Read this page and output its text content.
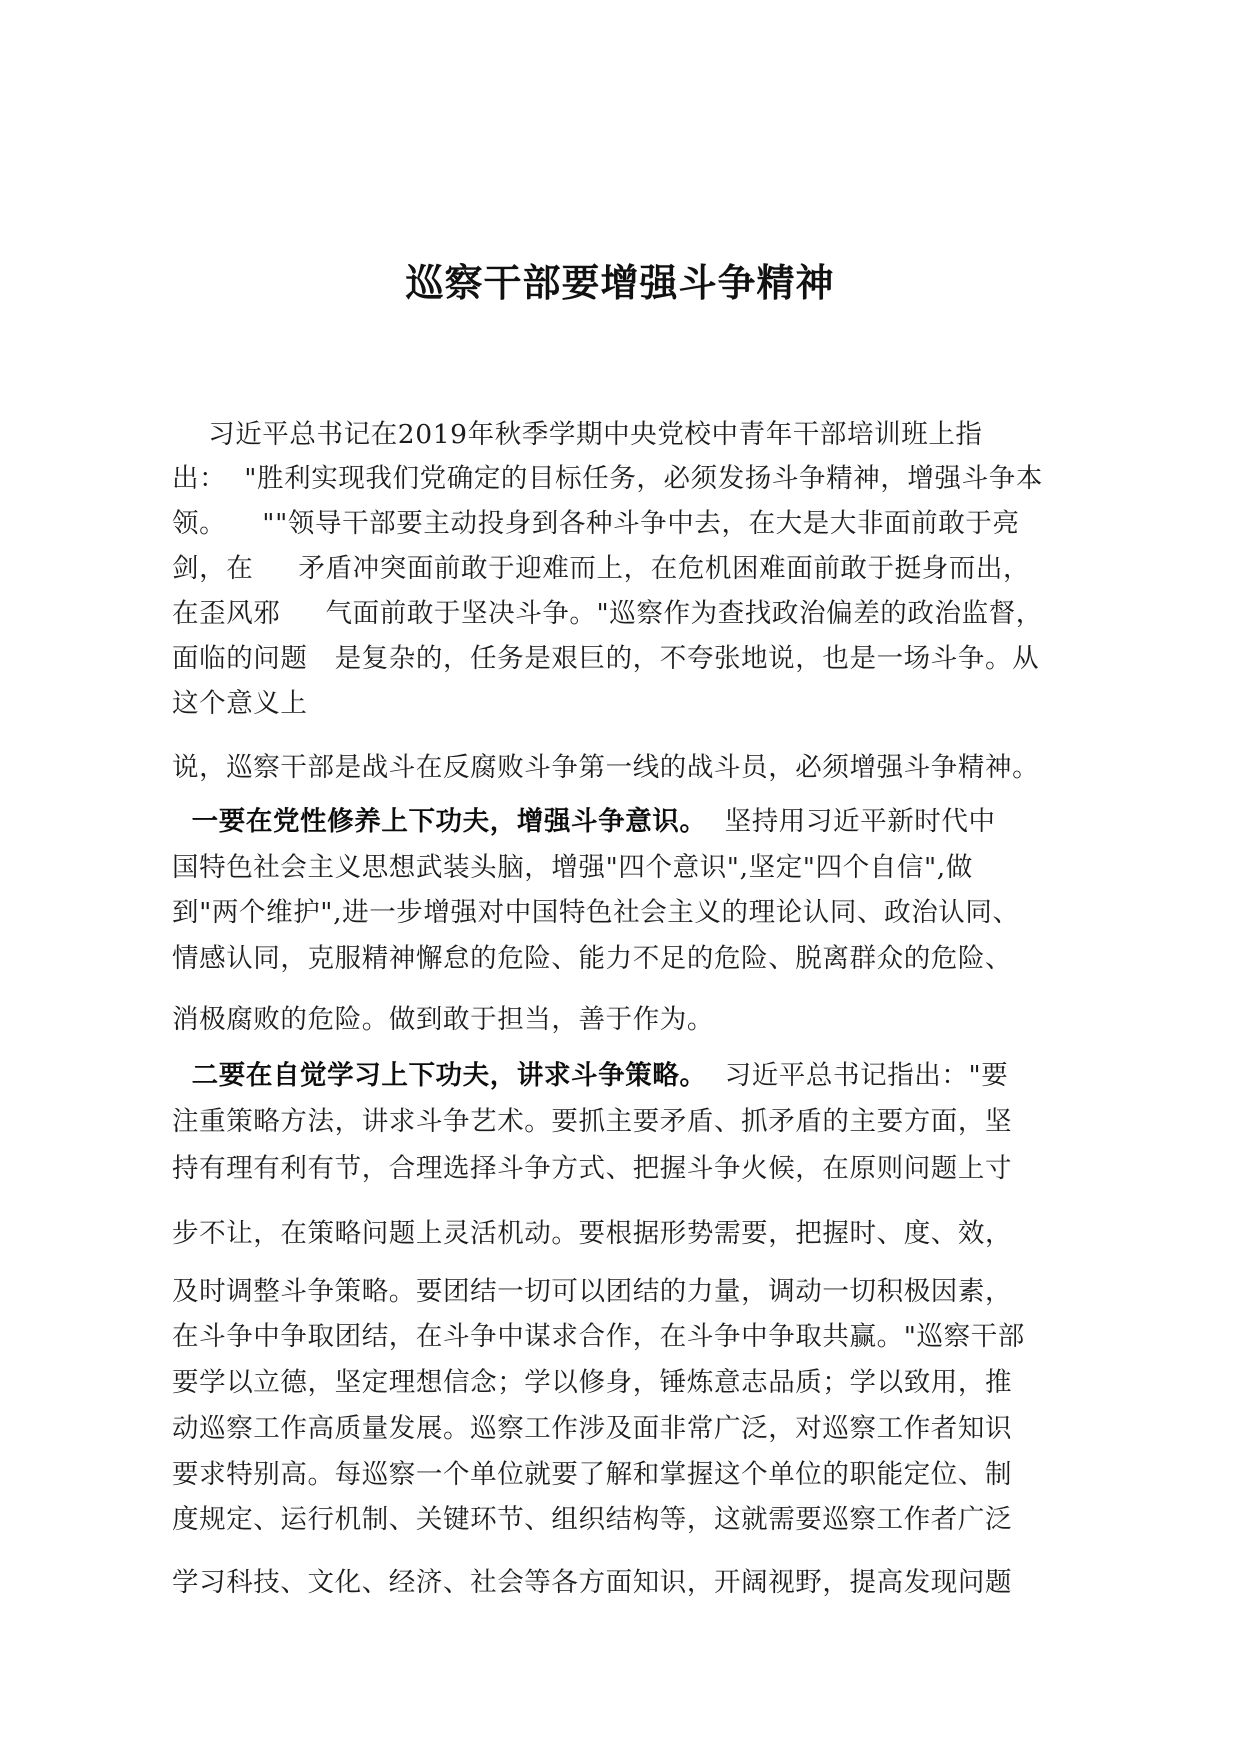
巡察干部要增强斗争精神
习近平总书记在2019年秋季学期中央党校中青年干部培训班上指
出：  "胜利实现我们党确定的目标任务，必须发扬斗争精神，增强斗争本
领。    ""领导干部要主动投身到各种斗争中去，在大是大非面前敢于亮
剑，在     矛盾冲突面前敢于迎难而上，在危机困难面前敢于挺身而出，
在歪风邪     气面前敢于坚决斗争。"巡察作为查找政治偏差的政治监督，
面临的问题   是复杂的，任务是艰巨的，不夸张地说，也是一场斗争。从
这个意义上
说，巡察干部是战斗在反腐败斗争第一线的战斗员，必须增强斗争精神。
一要在党性修养上下功夫，增强斗争意识。  坚持用习近平新时代中
国特色社会主义思想武装头脑，增强"四个意识",坚定"四个自信",做
到"两个维护",进一步增强对中国特色社会主义的理论认同、政治认同、
情感认同，克服精神懈怠的危险、能力不足的危险、脱离群众的危险、
消极腐败的危险。做到敢于担当，善于作为。
二要在自觉学习上下功夫，讲求斗争策略。  习近平总书记指出："要
注重策略方法，讲求斗争艺术。要抓主要矛盾、抓矛盾的主要方面，坚
持有理有利有节，合理选择斗争方式、把握斗争火候，在原则问题上寸
步不让，在策略问题上灵活机动。要根据形势需要，把握时、度、效，
及时调整斗争策略。要团结一切可以团结的力量，调动一切积极因素，
在斗争中争取团结，在斗争中谋求合作，在斗争中争取共赢。"巡察干部
要学以立德，坚定理想信念；学以修身，锤炼意志品质；学以致用，推
动巡察工作高质量发展。巡察工作涉及面非常广泛，对巡察工作者知识
要求特别高。每巡察一个单位就要了解和掌握这个单位的职能定位、制
度规定、运行机制、关键环节、组织结构等，这就需要巡察工作者广泛
学习科技、文化、经济、社会等各方面知识，开阔视野，提高发现问题
